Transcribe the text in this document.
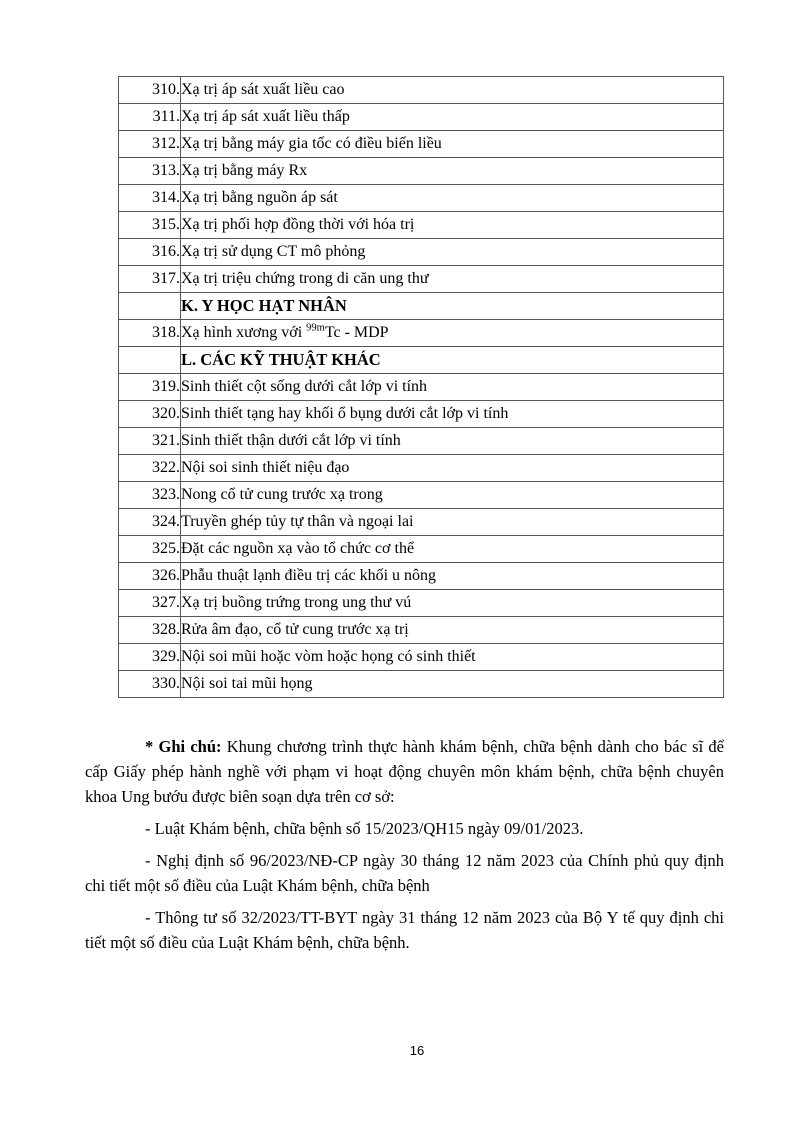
310.	Xạ trị áp sát xuất liều cao
311.	Xạ trị áp sát xuất liều thấp
312.	Xạ trị bằng máy gia tốc có điều biến liều
313.	Xạ trị bằng máy Rx
314.	Xạ trị bằng nguồn áp sát
315.	Xạ trị phối hợp đồng thời với hóa trị
316.	Xạ trị sử dụng CT mô phỏng
317.	Xạ trị triệu chứng trong di căn ung thư
	K. Y HỌC HẠT NHÂN
318.	Xạ hình xương với $^{99m}$Tc - MDP
	L. CÁC KỸ THUẬT KHÁC
319.	Sinh thiết cột sống dưới cắt lớp vi tính
320.	Sinh thiết tạng hay khối ổ bụng dưới cắt lớp vi tính
321.	Sinh thiết thận dưới cắt lớp vi tính
322.	Nội soi sinh thiết niệu đạo
323.	Nong cổ tử cung trước xạ trong
324.	Truyền ghép tủy tự thân và ngoại lai
325.	Đặt các nguồn xạ vào tổ chức cơ thể
326.	Phẫu thuật lạnh điều trị các khối u nông
327.	Xạ trị buồng trứng trong ung thư vú
328.	Rửa âm đạo, cổ tử cung trước xạ trị
329.	Nội soi mũi hoặc vòm hoặc họng có sinh thiết
330.	Nội soi tai mũi họng

* Ghi chú: Khung chương trình thực hành khám bệnh, chữa bệnh dành cho bác sĩ để cấp Giấy phép hành nghề với phạm vi hoạt động chuyên môn khám bệnh, chữa bệnh chuyên khoa Ung bướu được biên soạn dựa trên cơ sở:

- Luật Khám bệnh, chữa bệnh số 15/2023/QH15 ngày 09/01/2023.

- Nghị định số 96/2023/NĐ-CP ngày 30 tháng 12 năm 2023 của Chính phủ quy định chi tiết một số điều của Luật Khám bệnh, chữa bệnh

- Thông tư số 32/2023/TT-BYT ngày 31 tháng 12 năm 2023 của Bộ Y tế quy định chi tiết một số điều của Luật Khám bệnh, chữa bệnh.

16
